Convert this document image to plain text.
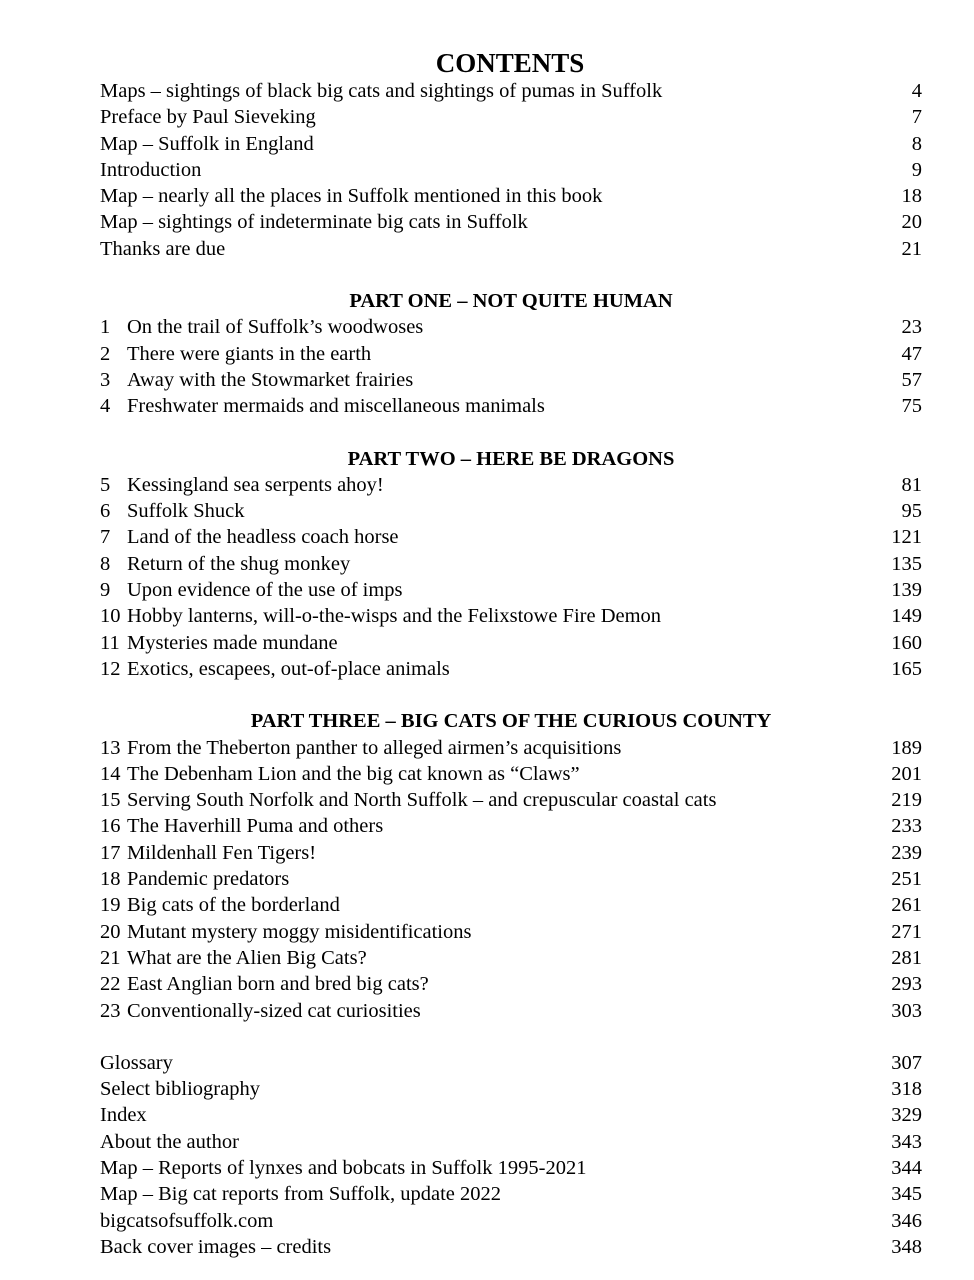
CONTENTS
Maps – sightings of black big cats and sightings of pumas in Suffolk	4
Preface by Paul Sieveking	7
Map – Suffolk in England	8
Introduction	9
Map – nearly all the places in Suffolk mentioned in this book	18
Map – sightings of indeterminate big cats in Suffolk	20
Thanks are due	21
PART ONE – NOT QUITE HUMAN
1 On the trail of Suffolk’s woodwoses	23
2 There were giants in the earth	47
3 Away with the Stowmarket frairies	57
4 Freshwater mermaids and miscellaneous manimals	75
PART TWO – HERE BE DRAGONS
5 Kessingland sea serpents ahoy!	81
6 Suffolk Shuck	95
7 Land of the headless coach horse	121
8 Return of the shug monkey	135
9 Upon evidence of the use of imps	139
10 Hobby lanterns, will-o-the-wisps and the Felixstowe Fire Demon	149
11 Mysteries made mundane	160
12 Exotics, escapees, out-of-place animals	165
PART THREE – BIG CATS OF THE CURIOUS COUNTY
13 From the Theberton panther to alleged airmen’s acquisitions	189
14 The Debenham Lion and the big cat known as “Claws”	201
15 Serving South Norfolk and North Suffolk – and crepuscular coastal cats	219
16 The Haverhill Puma and others	233
17 Mildenhall Fen Tigers!	239
18 Pandemic predators	251
19 Big cats of the borderland	261
20 Mutant mystery moggy misidentifications	271
21 What are the Alien Big Cats?	281
22 East Anglian born and bred big cats?	293
23 Conventionally-sized cat curiosities	303
Glossary	307
Select bibliography	318
Index	329
About the author	343
Map – Reports of lynxes and bobcats in Suffolk 1995-2021	344
Map – Big cat reports from Suffolk, update 2022	345
bigcatsofsuffolk.com	346
Back cover images – credits	348
